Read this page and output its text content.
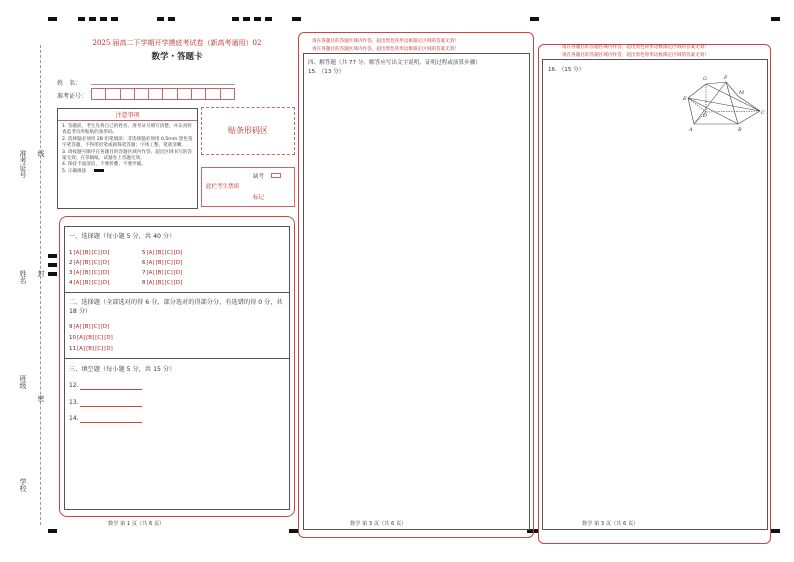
准考证号 线
姓名 封
班级
密
学校
2025 届高二下学期开学摸底考试卷（新高考通用）02
数学・答题卡
姓　名：
准考证号：
注意事项
1. 答题前，考生先将自己的姓名、准考证号填写清楚，并认真检查监考员所粘贴的条形码。
2. 选择题必须用 2B 铅笔填涂；非选择题必须用 0.5mm 黑色签字笔答题，不得用铅笔或圆珠笔答题；字体工整、笔迹清晰。
3. 请按题号顺序在各题目的答题区域内作答，超出区域书写的答案无效；在草稿纸、试题卷上答题无效。
4. 保持卡面清洁，不要折叠、不要弄破。
5. 正确填涂
贴条形码区
缺考
此栏考生禁填
标记
一、选择题（每小题 5 分，共 40 分）
1[A][B][C][D]
2[A][B][C][D]
3[A][B][C][D]
4[A][B][C][D]
5[A][B][C][D]
6[A][B][C][D]
7[A][B][C][D]
8[A][B][C][D]
二、选择题（全部选对的得 6 分，部分选对的得部分分，有选错的得 0 分，共 18 分）
9[A][B][C][D]
10[A][B][C][D]
11[A][B][C][D]
三、填空题（每小题 5 分，共 15 分）
12.
13.
14.
数学 第 1 页（共 6 页）
请在各题目的答题区域内作答，超出黑色矩形边框限定区域的答案无效！
请在各题目的答题区域内作答，超出黑色矩形边框限定区域的答案无效！
四、解答题（共 77 分，解答应写出文字说明、证明过程或演算步骤）
15. （13 分）
数学 第 3 页（共 6 页）
请在各题目的答题区域内作答，超出黑色矩形边框限定区域的答案无效！
请在各题目的答题区域内作答，超出黑色矩形边框限定区域的答案无效！
16. （15 分）
G	F
M
E
C
D
A	B
数学 第 3 页（共 6 页）
